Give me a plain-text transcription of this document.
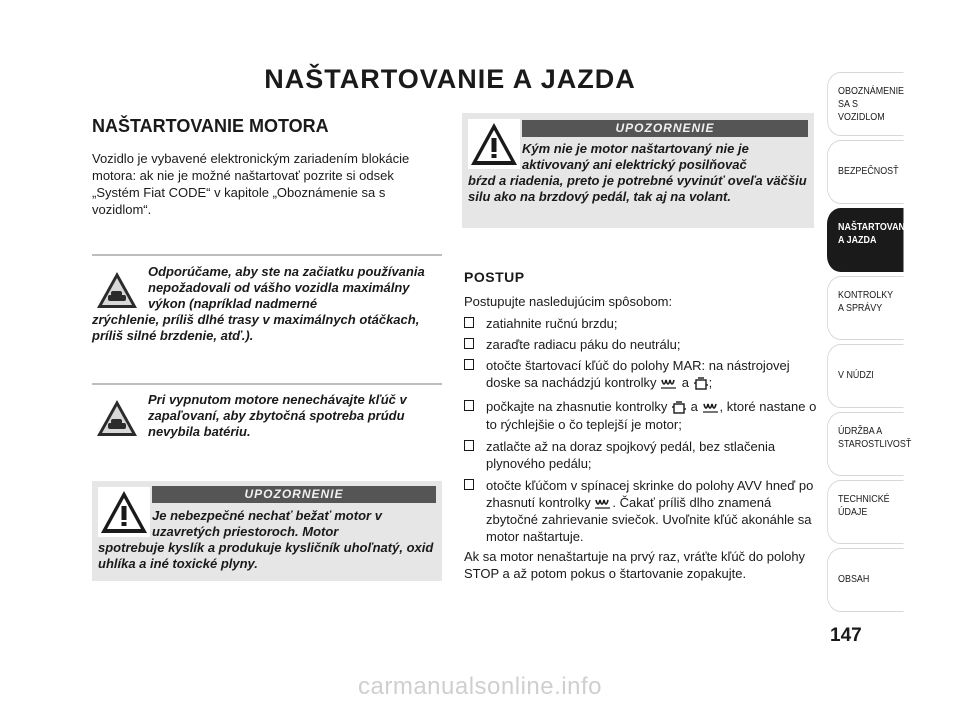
NAŠTARTOVANIE A JAZDA
NAŠTARTOVANIE MOTORA
Vozidlo je vybavené elektronickým zariadením blokácie motora: ak nie je možné naštartovať pozrite si odsek „Systém Fiat CODE“ v kapitole „Oboznámenie sa s vozidlom“.
Odporúčame, aby ste na začiatku používania nepožadovali od vášho vozidla maximálny výkon (napríklad nadmerné
zrýchlenie, príliš dlhé trasy v maximálnych otáčkach, príliš silné brzdenie, atď.).
Pri vypnutom motore nenechávajte kľúč v zapaľovaní, aby zbytočná spotreba prúdu nevybila batériu.
UPOZORNENIE
Je nebezpečné nechať bežať motor v uzavretých priestoroch. Motor
spotrebuje kyslík a produkuje kysličník uhoľnatý, oxid uhlíka a iné toxické plyny.
UPOZORNENIE
Kým nie je motor naštartovaný nie je aktivovaný ani elektrický posilňovač
bŕzd a riadenia, preto je potrebné vyvinúť oveľa väčšiu silu ako na brzdový pedál, tak aj na volant.
POSTUP
Postupujte nasledujúcim spôsobom:
zatiahnite ručnú brzdu;
zaraďte radiacu páku do neutrálu;
otočte štartovací kľúč do polohy MAR: na nástrojovej doske sa nachádzjú kontrolky a ;
počkajte na zhasnutie kontrolky a , ktoré nastane o to rýchlejšie o čo teplejší je motor;
zatlačte až na doraz spojkový pedál, bez stlačenia plynového pedálu;
otočte kľúčom v spínacej skrinke do polohy AVV hneď po zhasnutí kontrolky . Čakať príliš dlho znamená zbytočné zahrievanie sviečok. Uvoľnite kľúč akonáhle sa motor naštartuje.
Ak sa motor nenaštartuje na prvý raz, vráťte kľúč do polohy STOP a až potom pokus o štartovanie zopakujte.
OBOZNÁMENIE
SA S VOZIDLOM
BEZPEČNOSŤ
NAŠTARTOVANIE
A JAZDA
KONTROLKY
A SPRÁVY
V NÚDZI
ÚDRŽBA A
STAROSTLIVOSŤ
TECHNICKÉ
ÚDAJE
OBSAH
147
carmanualsonline.info
